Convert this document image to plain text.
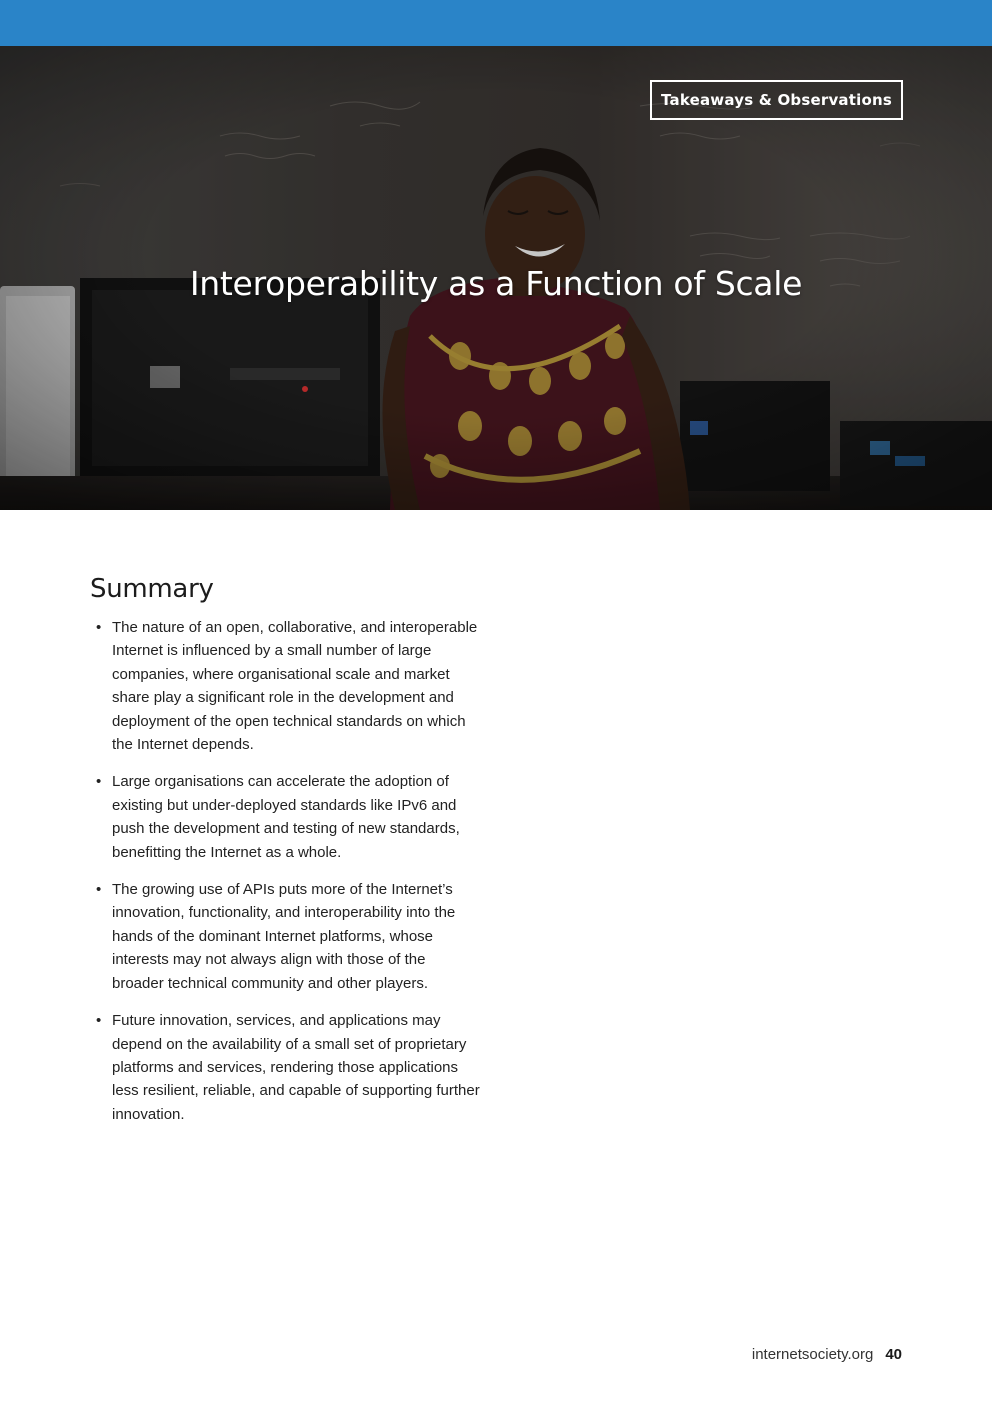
Takeaways & Observations
Interoperability as a Function of Scale
Summary
• The nature of an open, collaborative, and interoperable Internet is influenced by a small number of large companies, where organisational scale and market share play a significant role in the development and deployment of the open technical standards on which the Internet depends.
• Large organisations can accelerate the adoption of existing but under-deployed standards like IPv6 and push the development and testing of new standards, benefitting the Internet as a whole.
• The growing use of APIs puts more of the Internet’s innovation, functionality, and interoperability into the hands of the dominant Internet platforms, whose interests may not always align with those of the broader technical community and other players.
• Future innovation, services, and applications may depend on the availability of a small set of proprietary platforms and services, rendering those applications less resilient, reliable, and capable of supporting further innovation.
internetsociety.org 40
